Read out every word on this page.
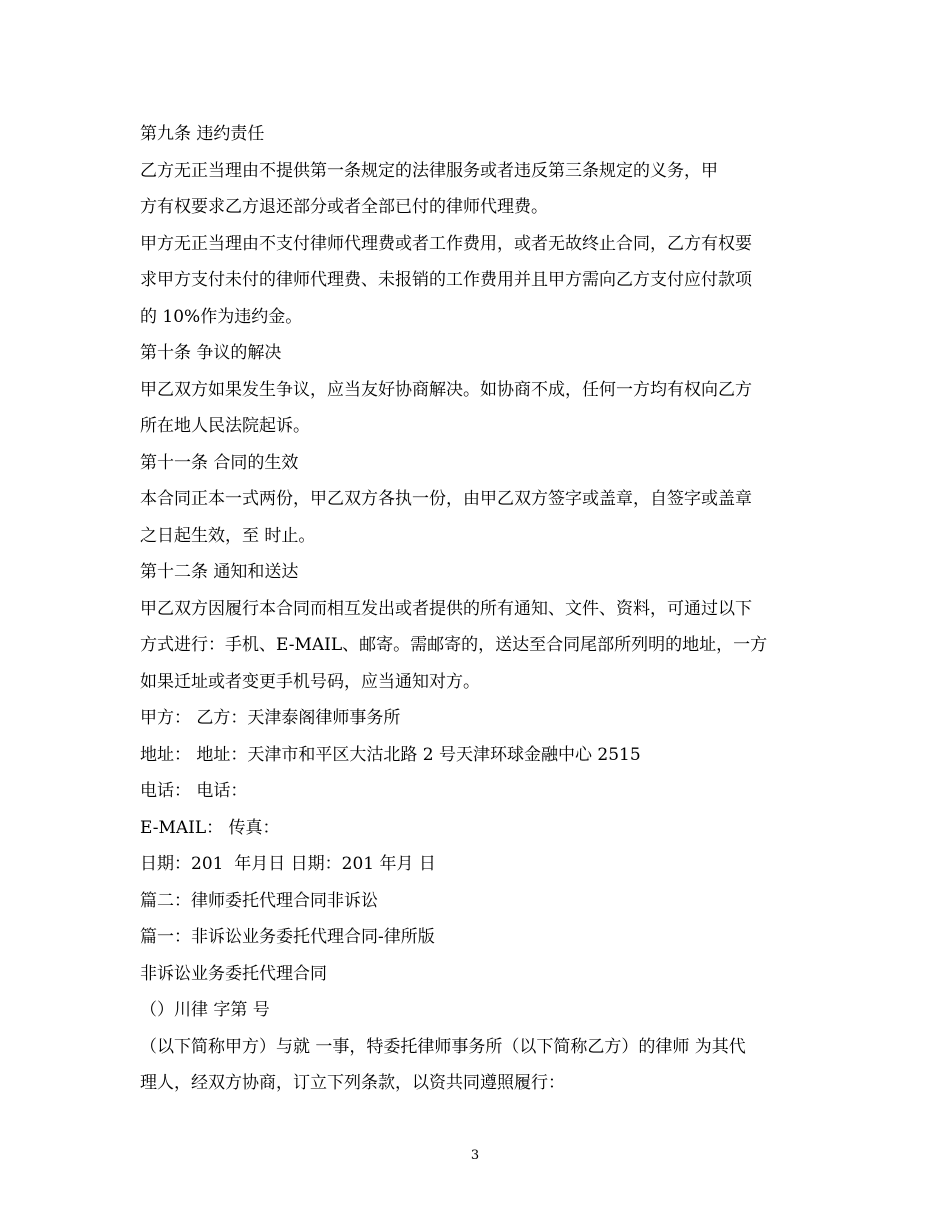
第九条 违约责任
乙方无正当理由不提供第一条规定的法律服务或者违反第三条规定的义务，甲
方有权要求乙方退还部分或者全部已付的律师代理费。
甲方无正当理由不支付律师代理费或者工作费用，或者无故终止合同，乙方有权要
求甲方支付未付的律师代理费、未报销的工作费用并且甲方需向乙方支付应付款项
的 10%作为违约金。
第十条 争议的解决
甲乙双方如果发生争议，应当友好协商解决。如协商不成，任何一方均有权向乙方
所在地人民法院起诉。
第十一条 合同的生效
本合同正本一式两份，甲乙双方各执一份，由甲乙双方签字或盖章，自签字或盖章
之日起生效，至 时止。
第十二条 通知和送达
甲乙双方因履行本合同而相互发出或者提供的所有通知、文件、资料，可通过以下
方式进行：手机、E-MAIL、邮寄。需邮寄的，送达至合同尾部所列明的地址，一方
如果迁址或者变更手机号码，应当通知对方。
甲方： 乙方：天津泰阁律师事务所
地址： 地址：天津市和平区大沽北路 2 号天津环球金融中心 2515
电话： 电话：
E-MAIL： 传真：
日期：201  年月日 日期：201 年月 日
篇二：律师委托代理合同非诉讼
篇一：非诉讼业务委托代理合同-律所版
非诉讼业务委托代理合同
（）川律 字第 号
（以下简称甲方）与就 一事，特委托律师事务所（以下简称乙方）的律师 为其代
理人，经双方协商，订立下列条款，以资共同遵照履行：
3
